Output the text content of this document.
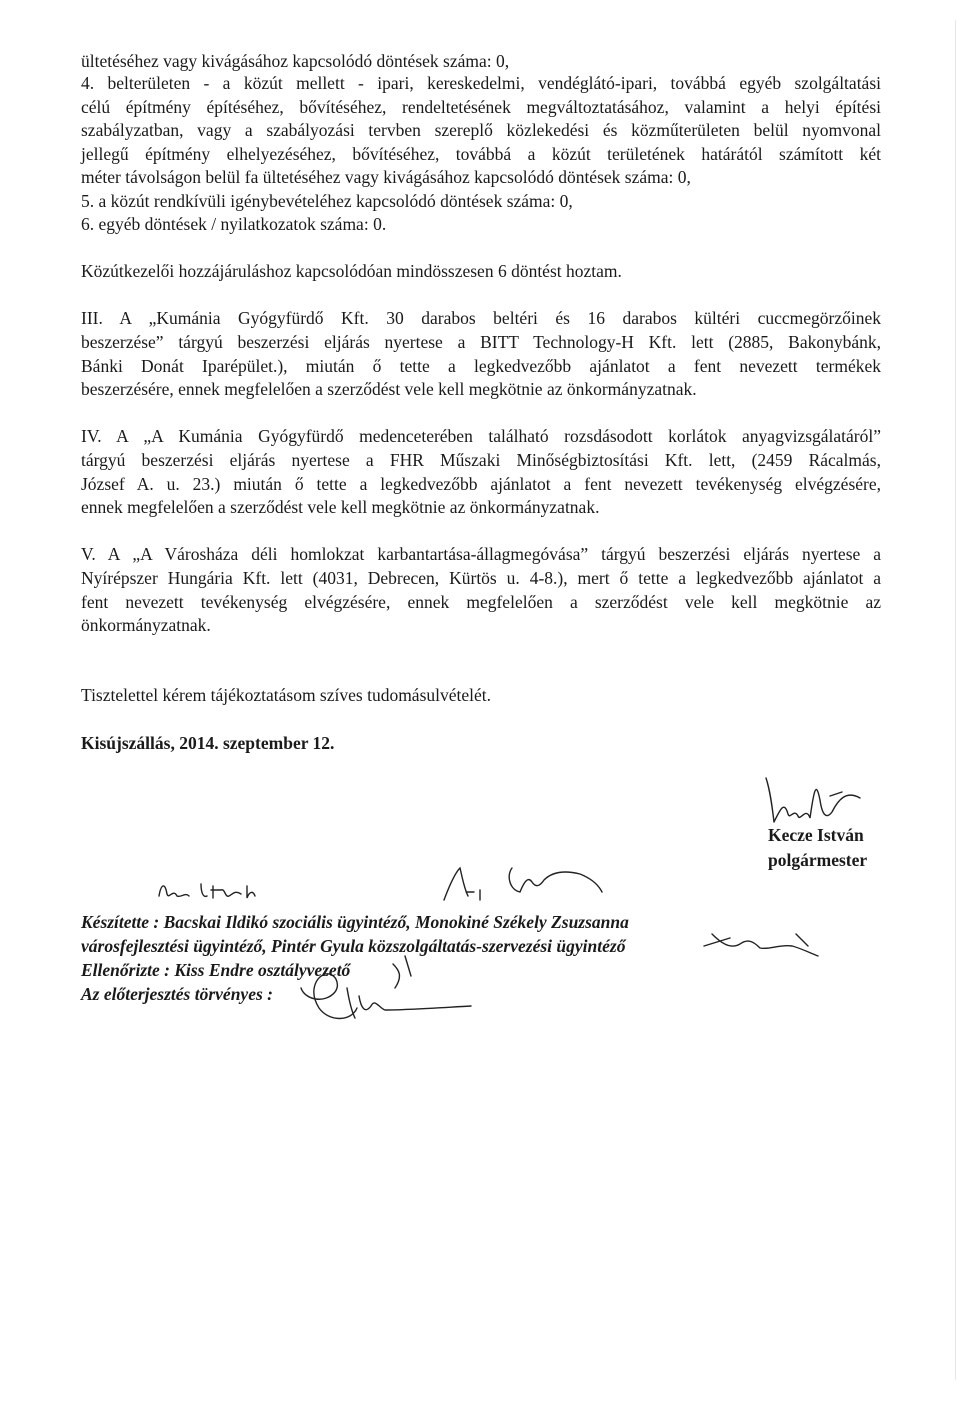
ültetéséhez vagy kivágásához kapcsolódó döntések száma: 0,
4. belterületen - a közút mellett - ipari, kereskedelmi, vendéglátó-ipari, továbbá egyéb szolgáltatási
célú építmény építéséhez, bővítéséhez, rendeltetésének megváltoztatásához, valamint a helyi építési
szabályzatban, vagy a szabályozási tervben szereplő közlekedési és közműterületen belül nyomvonal
jellegű építmény elhelyezéséhez, bővítéséhez, továbbá a közút területének határától számított két
méter távolságon belül fa ültetéséhez vagy kivágásához kapcsolódó döntések száma: 0,
5. a közút rendkívüli igénybevételéhez kapcsolódó döntések száma: 0,
6. egyéb döntések / nyilatkozatok száma: 0.
Közútkezelői hozzájáruláshoz kapcsolódóan mindösszesen 6 döntést hoztam.
III. A „Kumánia Gyógyfürdő Kft. 30 darabos beltéri és 16 darabos kültéri cuccmegörzőinek
beszerzése” tárgyú beszerzési eljárás nyertese a BITT Technology-H Kft. lett (2885, Bakonybánk,
Bánki Donát Iparépület.), miután ő tette a legkedvezőbb ajánlatot a fent nevezett termékek
beszerzésére, ennek megfelelően a szerződést vele kell megkötnie az önkormányzatnak.
IV. A „A Kumánia Gyógyfürdő medenceterében található rozsdásodott korlátok anyagvizsgálatáról”
tárgyú beszerzési eljárás nyertese a FHR Műszaki Minőségbiztosítási Kft. lett, (2459 Rácalmás,
József A. u. 23.) miután ő tette a legkedvezőbb ajánlatot a fent nevezett tevékenység elvégzésére,
ennek megfelelően a szerződést vele kell megkötnie az önkormányzatnak.
V. A „A Városháza déli homlokzat karbantartása-állagmegóvása” tárgyú beszerzési eljárás nyertese a
Nyírépszer Hungária Kft. lett (4031, Debrecen, Kürtös u. 4-8.), mert ő tette a legkedvezőbb ajánlatot a
fent nevezett tevékenység elvégzésére, ennek megfelelően a szerződést vele kell megkötnie az
önkormányzatnak.
Tisztelettel kérem tájékoztatásom szíves tudomásulvételét.
Kisújszállás, 2014. szeptember 12.
Kecze István
polgármester
Készítette : Bacskai Ildikó szociális ügyintéző, Monokiné Székely Zsuzsanna
városfejlesztési ügyintéző, Pintér Gyula közszolgáltatás-szervezési ügyintéző
Ellenőrizte : Kiss Endre osztályvezető
Az előterjesztés törvényes :
